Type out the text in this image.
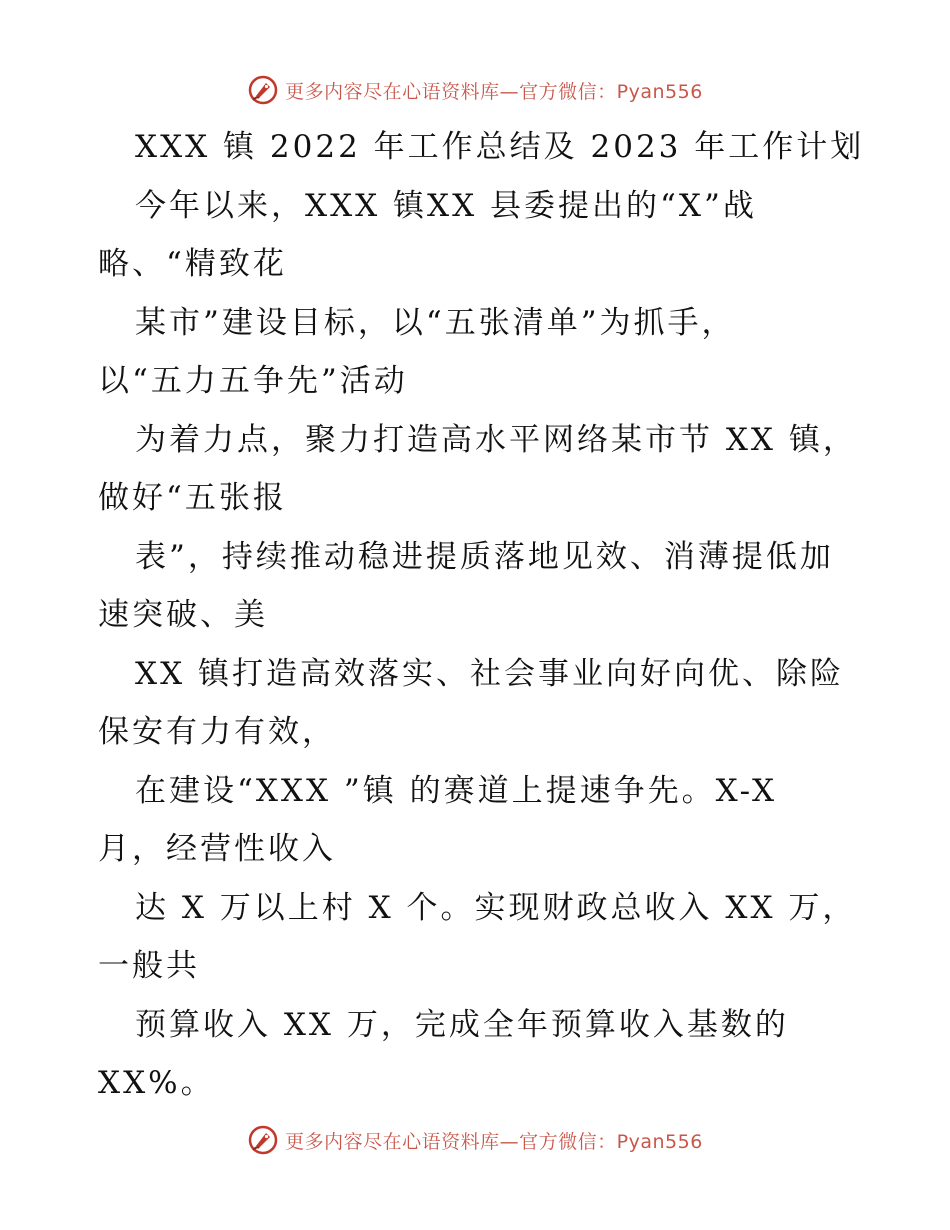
更多内容尽在心语资料库—官方微信：Pyan556
XXX 镇 2022 年工作总结及 2023 年工作计划
今年以来，XXX 镇XX 县委提出的“X”战
略、“精致花
某市”建设目标，以“五张清单”为抓手，
以“五力五争先”活动
为着力点，聚力打造高水平网络某市节 XX 镇，
做好“五张报
表”，持续推动稳进提质落地见效、消薄提低加
速突破、美
XX 镇打造高效落实、社会事业向好向优、除险
保安有力有效，
在建设“XXX ”镇 的赛道上提速争先。X-X
月，经营性收入
达 X 万以上村 X 个。实现财政总收入 XX 万，
一般共
预算收入 XX 万，完成全年预算收入基数的
XX%。
更多内容尽在心语资料库—官方微信：Pyan556
